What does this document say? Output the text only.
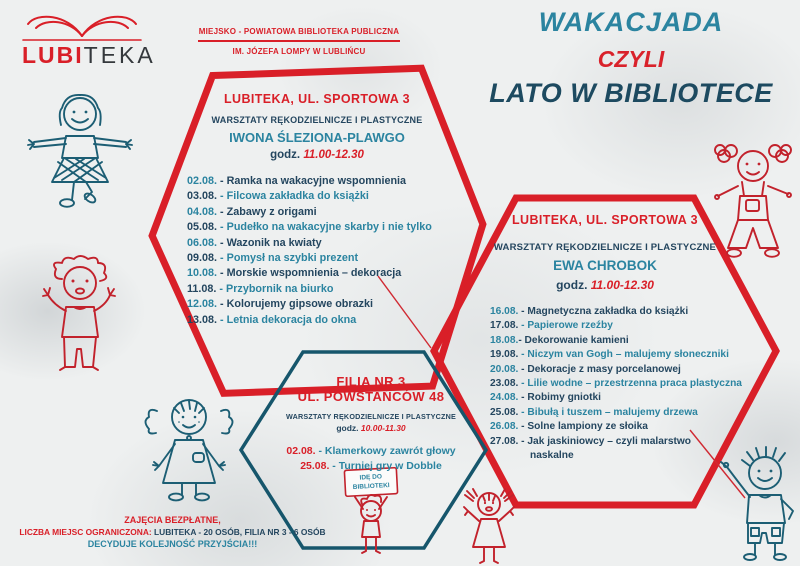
IDĘ DO
BIBLIOTEKI
LUBITEKA
MIEJSKO - POWIATOWA BIBLIOTEKA PUBLICZNA
IM. JÓZEFA LOMPY W LUBLIŃCU
WAKACJADA
CZYLI
LATO W BIBLIOTECE
LUBITEKA, UL. SPORTOWA 3
WARSZTATY RĘKODZIELNICZE I PLASTYCZNE
IWONA ŚLEZIONA-PLAWGO
godz. 11.00-12.30
02.08. - Ramka na wakacyjne wspomnienia
03.08. - Filcowa zakładka do książki
04.08. - Zabawy z origami
05.08. - Pudełko na wakacyjne skarby i nie tylko
06.08. - Wazonik na kwiaty
09.08. - Pomysł na szybki prezent
10.08. - Morskie wspomnienia – dekoracja
11.08. - Przybornik na biurko
12.08. - Kolorujemy gipsowe obrazki
13.08. - Letnia dekoracja do okna
LUBITEKA, UL. SPORTOWA 3
WARSZTATY RĘKODZIELNICZE I PLASTYCZNE
EWA CHROBOK
godz. 11.00-12.30
16.08. - Magnetyczna zakładka do książki
17.08. - Papierowe rzeźby
18.08.- Dekorowanie kamieni
19.08. - Niczym van Gogh – malujemy słoneczniki
20.08. - Dekoracje z masy porcelanowej
23.08. - Lilie wodne – przestrzenna praca plastyczna
24.08. - Robimy gniotki
25.08. - Bibułą i tuszem – malujemy drzewa
26.08. - Solne lampiony ze słoika
27.08. - Jak jaskiniowcy – czyli malarstwo
naskalne
FILIA NR 3
UL. POWSTAŃCÓW 48
WARSZTATY RĘKODZIELNICZE I PLASTYCZNE
godz. 10.00-11.30
02.08. - Klamerkowy zawrót głowy
25.08. - Turniej gry w Dobble
ZAJĘCIA BEZPŁATNE,
LICZBA MIEJSC OGRANICZONA: LUBITEKA - 20 OSÓB, FILIA NR 3 - 6 OSÓB
DECYDUJE KOLEJNOŚĆ PRZYJŚCIA!!!
